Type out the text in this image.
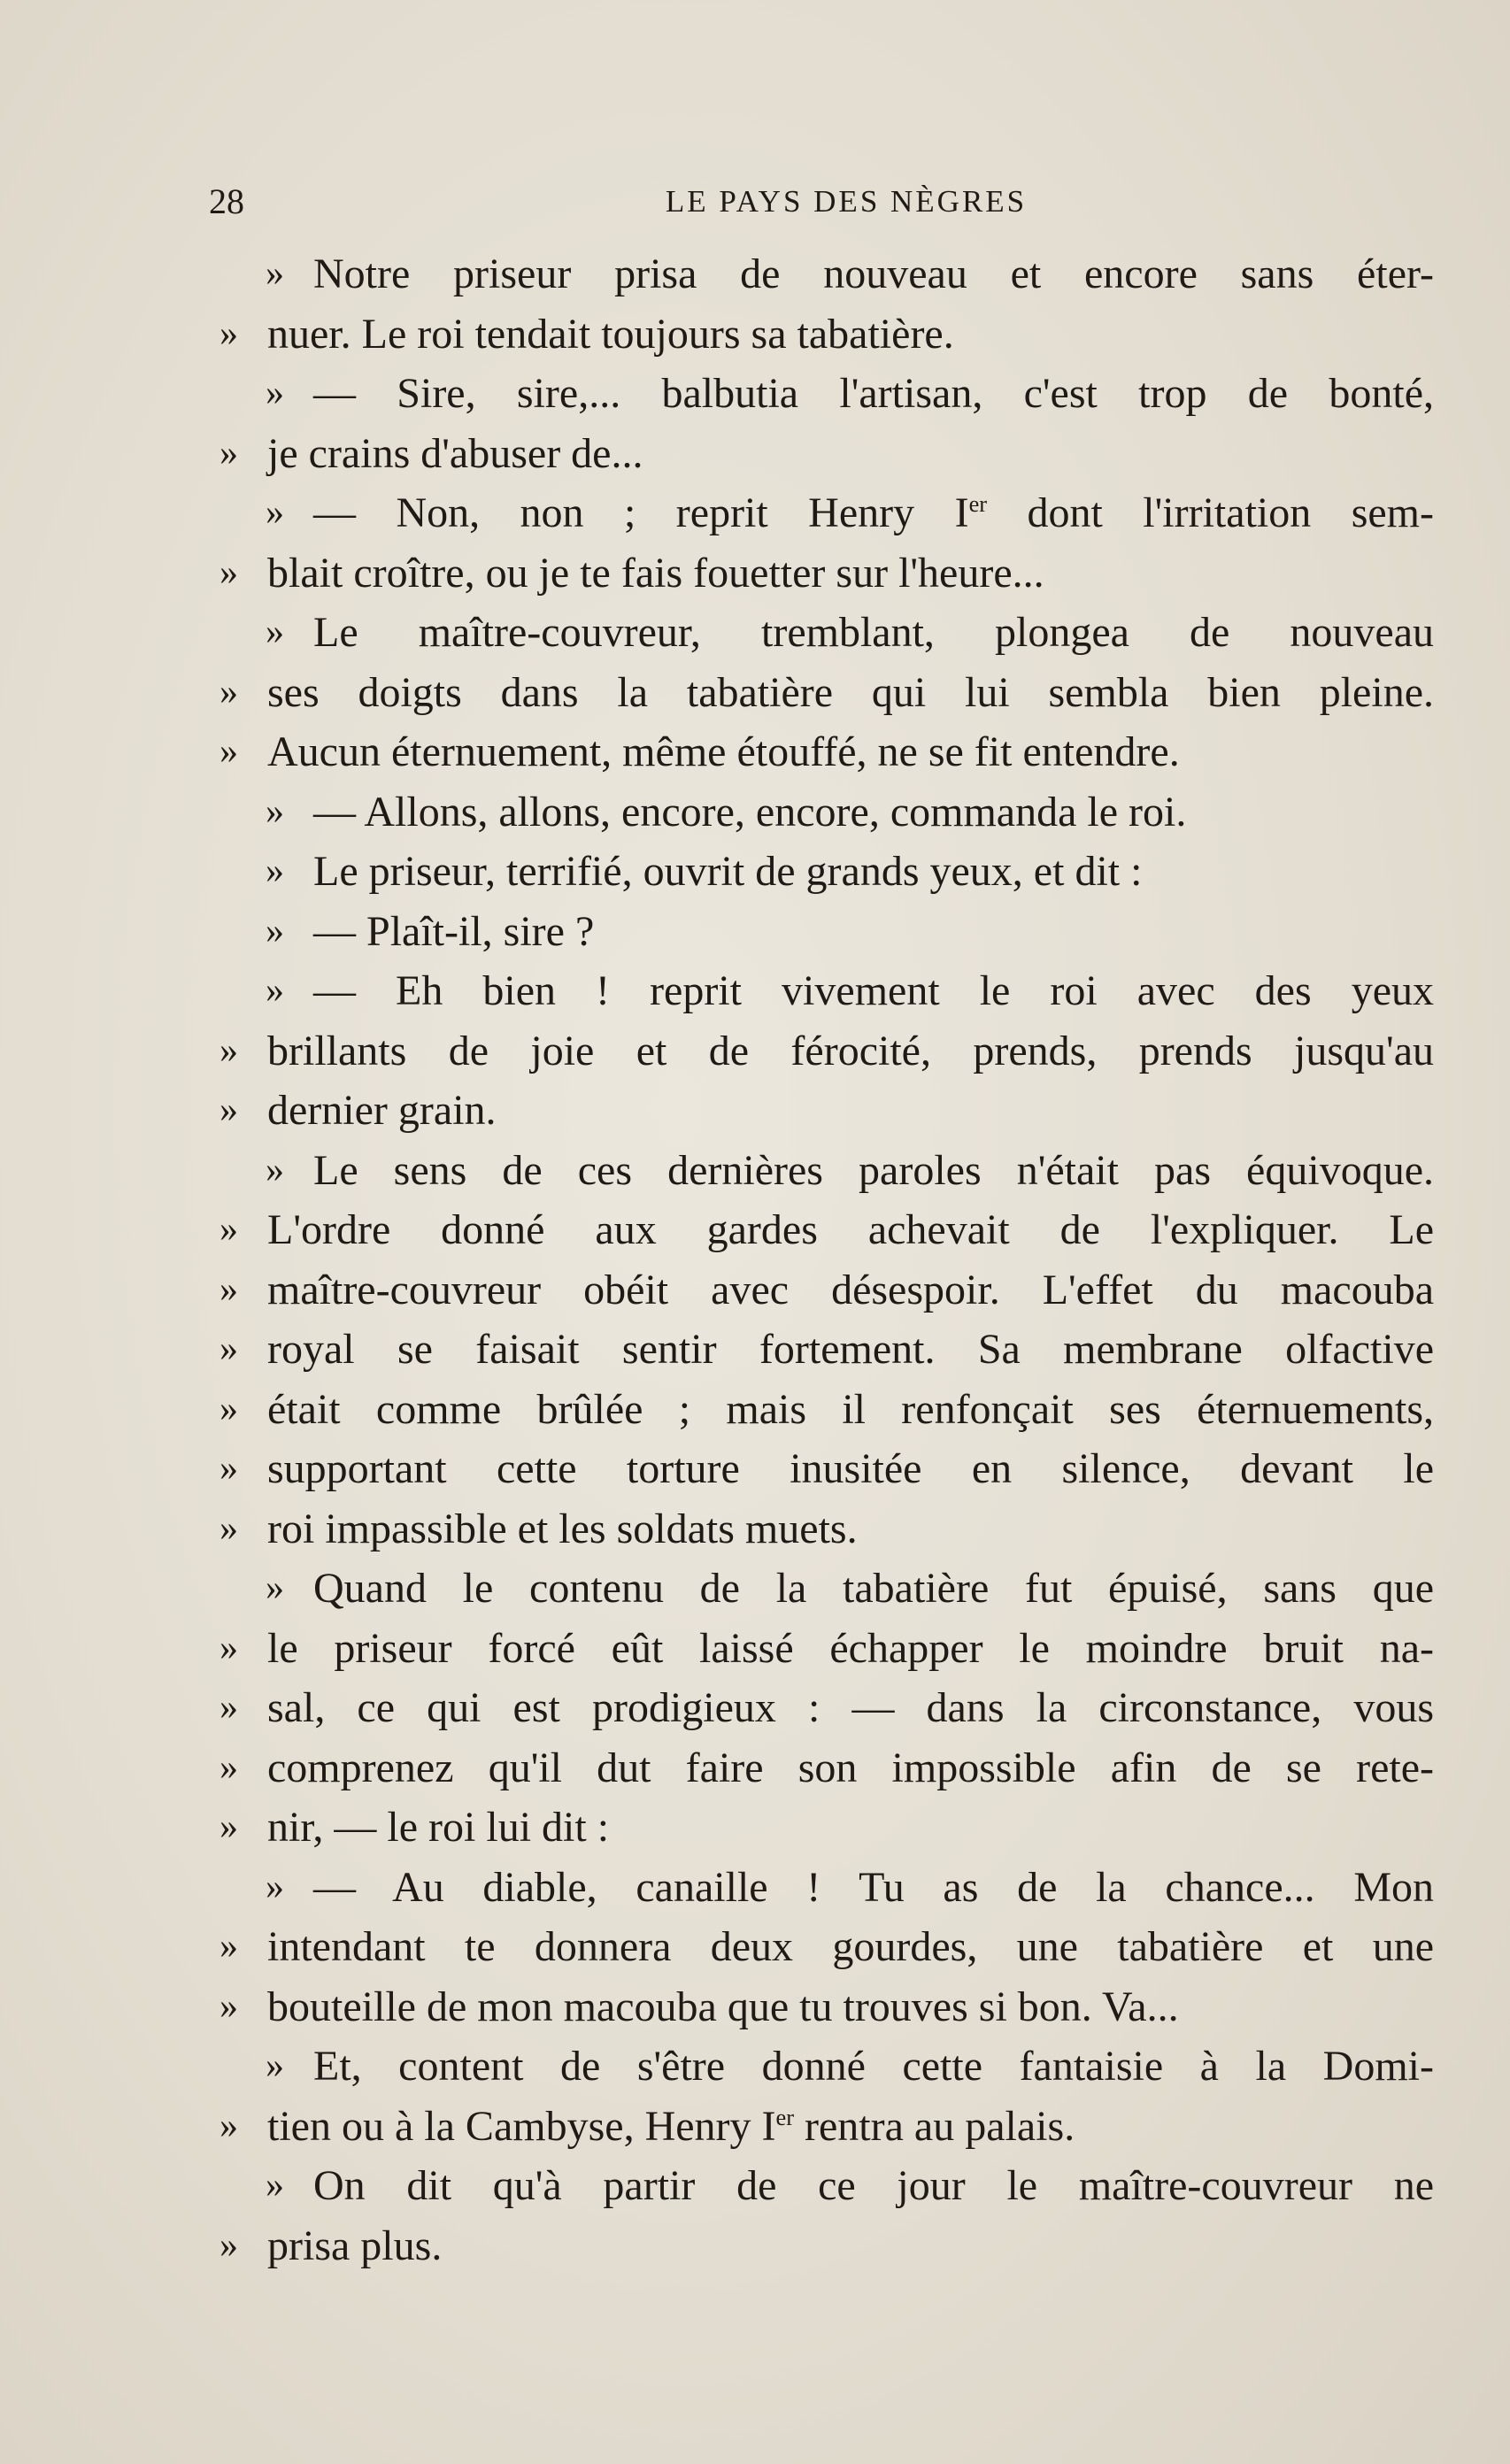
28	LE PAYS DES NÈGRES
» Notre priseur prisa de nouveau et encore sans éter-
» nuer. Le roi tendait toujours sa tabatière.
» — Sire, sire,... balbutia l'artisan, c'est trop de bonté,
» je crains d'abuser de...
» — Non, non ; reprit Henry Ier dont l'irritation sem-
» blait croître, ou je te fais fouetter sur l'heure...
» Le maître-couvreur, tremblant, plongea de nouveau
» ses doigts dans la tabatière qui lui sembla bien pleine.
» Aucun éternuement, même étouffé, ne se fit entendre.
» — Allons, allons, encore, encore, commanda le roi.
» Le priseur, terrifié, ouvrit de grands yeux, et dit :
» — Plaît-il, sire ?
» — Eh bien ! reprit vivement le roi avec des yeux
» brillants de joie et de férocité, prends, prends jusqu'au
» dernier grain.
» Le sens de ces dernières paroles n'était pas équivoque.
» L'ordre donné aux gardes achevait de l'expliquer. Le
» maître-couvreur obéit avec désespoir. L'effet du macouba
» royal se faisait sentir fortement. Sa membrane olfactive
» était comme brûlée ; mais il renfonçait ses éternuements,
» supportant cette torture inusitée en silence, devant le
» roi impassible et les soldats muets.
» Quand le contenu de la tabatière fut épuisé, sans que
» le priseur forcé eût laissé échapper le moindre bruit na-
» sal, ce qui est prodigieux : — dans la circonstance, vous
» comprenez qu'il dut faire son impossible afin de se rete-
» nir, — le roi lui dit :
» — Au diable, canaille ! Tu as de la chance... Mon
» intendant te donnera deux gourdes, une tabatière et une
» bouteille de mon macouba que tu trouves si bon. Va...
» Et, content de s'être donné cette fantaisie à la Domi-
» tien ou à la Cambyse, Henry Ier rentra au palais.
» On dit qu'à partir de ce jour le maître-couvreur ne
» prisa plus.
